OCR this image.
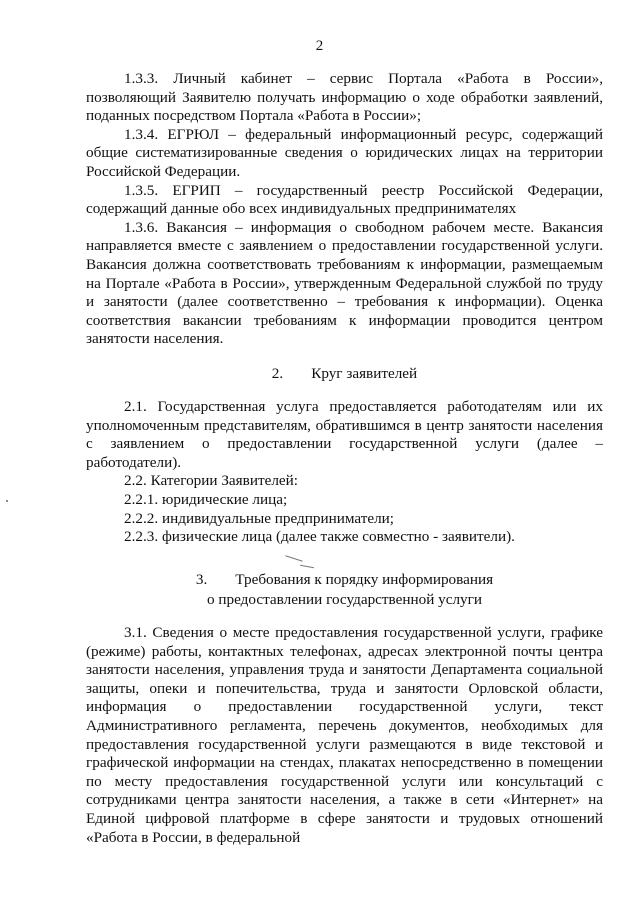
2

1.3.3. Личный кабинет – сервис Портала «Работа в России», позволяющий Заявителю получать информацию о ходе обработки заявлений, поданных посредством Портала «Работа в России»;

1.3.4. ЕГРЮЛ – федеральный информационный ресурс, содержащий общие систематизированные сведения о юридических лицах на территории Российской Федерации.

1.3.5. ЕГРИП – государственный реестр Российской Федерации, содержащий данные обо всех индивидуальных предпринимателях

1.3.6. Вакансия – информация о свободном рабочем месте. Вакансия направляется вместе с заявлением о предоставлении государственной услуги. Вакансия должна соответствовать требованиям к информации, размещаемым на Портале «Работа в России», утвержденным Федеральной службой по труду и занятости (далее соответственно – требования к информации). Оценка соответствия вакансии требованиям к информации проводится центром занятости населения.

2. Круг заявителей

2.1. Государственная услуга предоставляется работодателям или их уполномоченным представителям, обратившимся в центр занятости населения с заявлением о предоставлении государственной услуги (далее – работодатели).

2.2. Категории Заявителей:

2.2.1. юридические лица;

2.2.2. индивидуальные предприниматели;

2.2.3. физические лица (далее также совместно - заявители).

3. Требования к порядку информирования
о предоставлении государственной услуги

3.1. Сведения о месте предоставления государственной услуги, графике (режиме) работы, контактных телефонах, адресах электронной почты центра занятости населения, управления труда и занятости Департамента социальной защиты, опеки и попечительства, труда и занятости Орловской области, информация о предоставлении государственной услуги, текст Административного регламента, перечень документов, необходимых для предоставления государственной услуги размещаются в виде текстовой и графической информации на стендах, плакатах непосредственно в помещении по месту предоставления государственной услуги или консультаций с сотрудниками центра занятости населения, а также в сети «Интернет» на Единой цифровой платформе в сфере занятости и трудовых отношений «Работа в России, в федеральной
